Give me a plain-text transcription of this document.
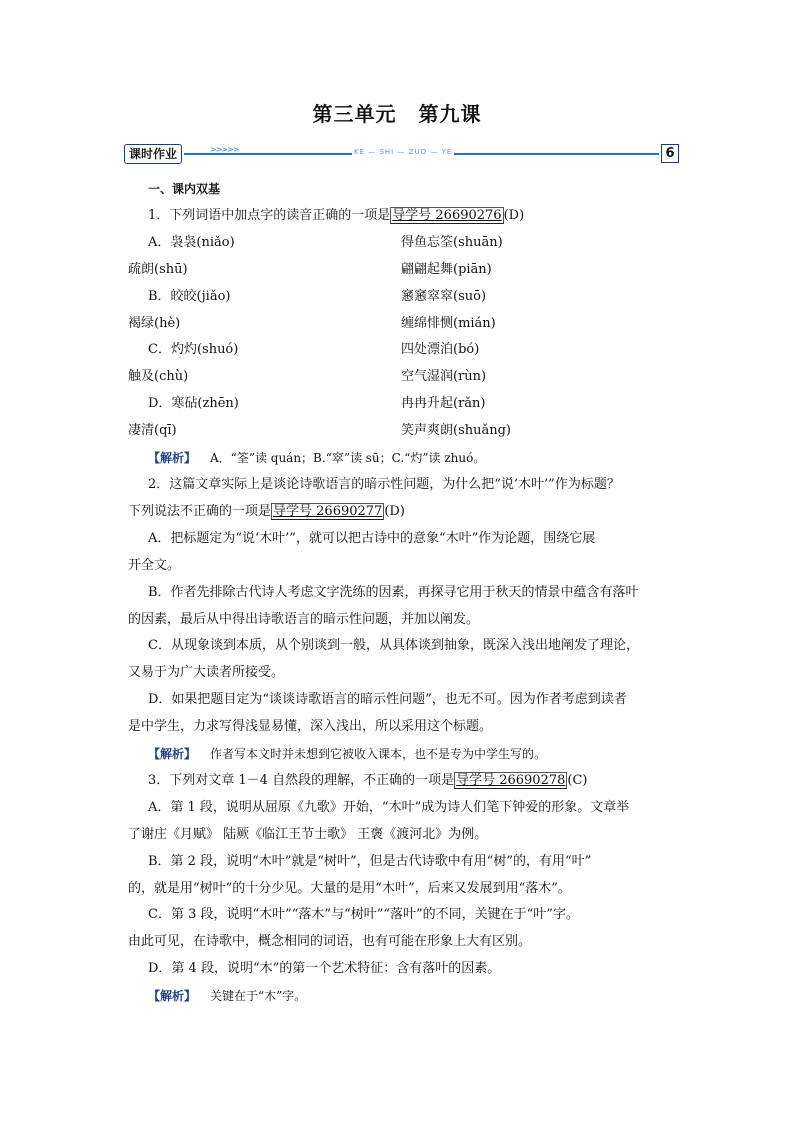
第三单元 第九课
课时作业	>>>>>	KE — SHI — ZUO — YE	6

一、课内双基

1．下列词语中加点字的读音正确的一项是 导学号 26690276 (D)

A．袅袅(niǎo)	得鱼忘筌(shuān)
疏朗(shū)	翩翩起舞(piān)
B．皎皎(jiǎo)	窸窸窣窣(suō)
褐绿(hè)	缠绵悱恻(mián)
C．灼灼(shuó)	四处漂泊(bó)
触及(chù)	空气湿润(rùn)
D．寒砧(zhēn)	冉冉升起(rǎn)
凄清(qī)	笑声爽朗(shuǎng)

【解析】 A．“筌”读 quán；B.“窣”读 sū；C.“灼”读 zhuó。

2．这篇文章实际上是谈论诗歌语言的暗示性问题，为什么把“说‘木叶’”作为标题？

下列说法不正确的一项是 导学号 26690277 (D)

A．把标题定为“说‘木叶’”，就可以把古诗中的意象“木叶”作为论题，围绕它展

开全文。

B．作者先排除古代诗人考虑文字洗练的因素，再探寻它用于秋天的情景中蕴含有落叶

的因素，最后从中得出诗歌语言的暗示性问题，并加以阐发。

C．从现象谈到本质，从个别谈到一般，从具体谈到抽象，既深入浅出地阐发了理论，

又易于为广大读者所接受。

D．如果把题目定为“谈谈诗歌语言的暗示性问题”，也无不可。因为作者考虑到读者

是中学生，力求写得浅显易懂，深入浅出，所以采用这个标题。

【解析】 作者写本文时并未想到它被收入课本，也不是专为中学生写的。

3．下列对文章 1－4 自然段的理解，不正确的一项是 导学号 26690278 (C)

A．第 1 段，说明从屈原《九歌》开始，“木叶”成为诗人们笔下钟爱的形象。文章举

了谢庄《月赋》 陆厥《临江王节士歌》 王褒《渡河北》为例。

B．第 2 段，说明“木叶”就是“树叶”，但是古代诗歌中有用“树”的，有用“叶”

的，就是用“树叶”的十分少见。大量的是用“木叶”，后来又发展到用“落木”。

C．第 3 段，说明“木叶”“落木”与“树叶”“落叶”的不同，关键在于“叶”字。

由此可见，在诗歌中，概念相同的词语，也有可能在形象上大有区别。

D．第 4 段，说明“木”的第一个艺术特征：含有落叶的因素。

【解析】 关键在于“木”字。
